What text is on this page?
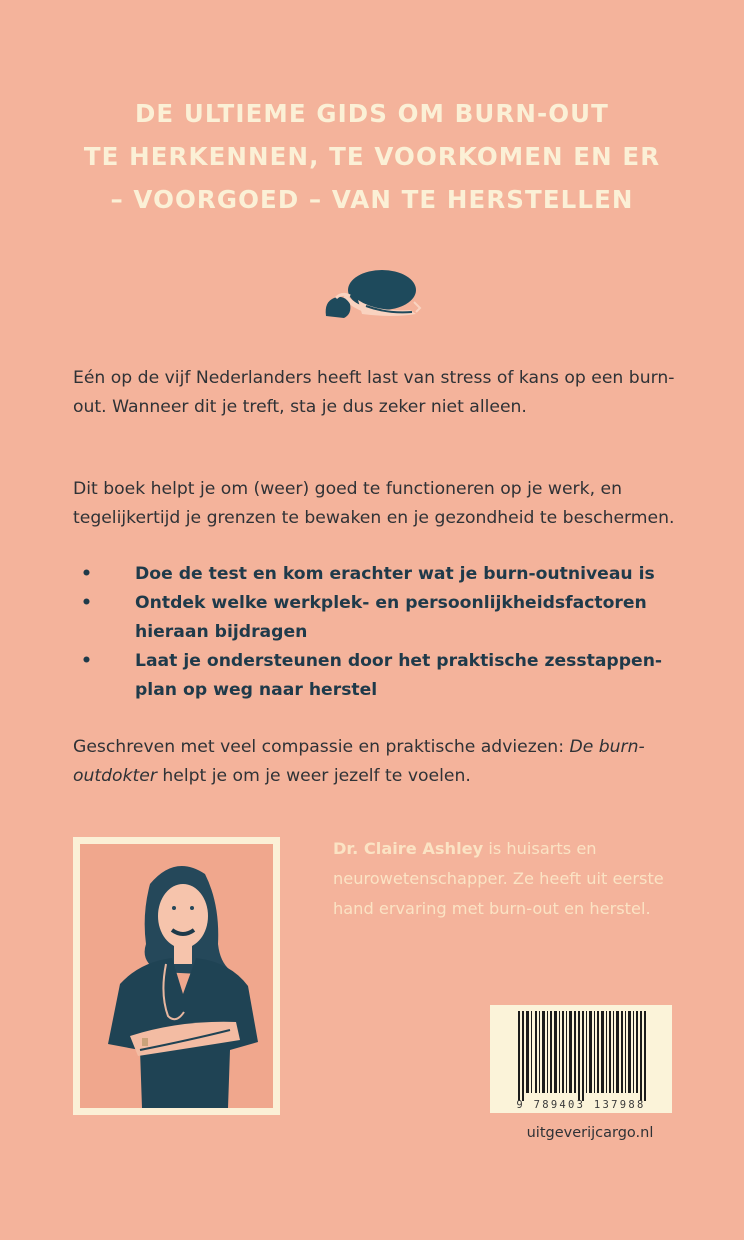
DE ULTIEME GIDS OM BURN-OUT
TE HERKENNEN, TE VOORKOMEN EN ER
– VOORGOED – VAN TE HERSTELLEN

Eén op de vijf Nederlanders heeft last van stress of kans op een burn-out. Wanneer dit je treft, sta je dus zeker niet alleen.

Dit boek helpt je om (weer) goed te functioneren op je werk, en tegelijkertijd je grenzen te bewaken en je gezondheid te beschermen.

•	Doe de test en kom erachter wat je burn-outniveau is
•	Ontdek welke werkplek- en persoonlijkheidsfactoren hieraan bijdragen
•	Laat je ondersteunen door het praktische zesstappen-plan op weg naar herstel

Geschreven met veel compassie en praktische adviezen: De burn-outdokter helpt je om je weer jezelf te voelen.

Dr. Claire Ashley is huisarts en neurowetenschapper. Ze heeft uit eerste hand ervaring met burn-out en herstel.

9 789403 137988
uitgeverijcargo.nl
